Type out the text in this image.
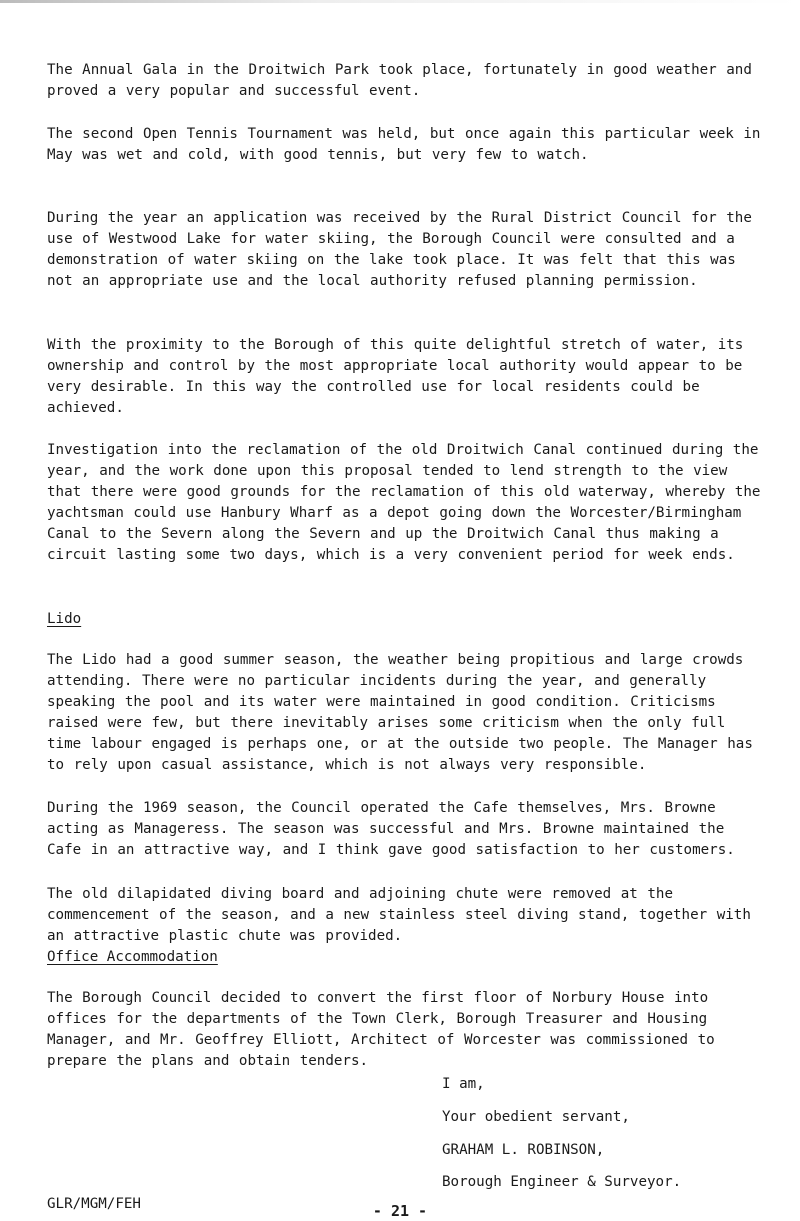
The Annual Gala in the Droitwich Park took place, fortunately in good weather and proved a very popular and successful event.

The second Open Tennis Tournament was held, but once again this particular week in May was wet and cold, with good tennis, but very few to watch.

During the year an application was received by the Rural District Council for the use of Westwood Lake for water skiing, the Borough Council were consulted and a demonstration of water skiing on the lake took place. It was felt that this was not an appropriate use and the local authority refused planning permission.

With the proximity to the Borough of this quite delightful stretch of water, its ownership and control by the most appropriate local authority would appear to be very desirable. In this way the controlled use for local residents could be achieved.

Investigation into the reclamation of the old Droitwich Canal continued during the year, and the work done upon this proposal tended to lend strength to the view that there were good grounds for the reclamation of this old waterway, whereby the yachtsman could use Hanbury Wharf as a depot going down the Worcester/Birmingham Canal to the Severn along the Severn and up the Droitwich Canal thus making a circuit lasting some two days, which is a very convenient period for week ends.

Lido

The Lido had a good summer season, the weather being propitious and large crowds attending. There were no particular incidents during the year, and generally speaking the pool and its water were maintained in good condition. Criticisms raised were few, but there inevitably arises some criticism when the only full time labour engaged is perhaps one, or at the outside two people. The Manager has to rely upon casual assistance, which is not always very responsible.

During the 1969 season, the Council operated the Cafe themselves, Mrs. Browne acting as Manageress. The season was successful and Mrs. Browne maintained the Cafe in an attractive way, and I think gave good satisfaction to her customers.

The old dilapidated diving board and adjoining chute were removed at the commencement of the season, and a new stainless steel diving stand, together with an attractive plastic chute was provided.

Office Accommodation

The Borough Council decided to convert the first floor of Norbury House into offices for the departments of the Town Clerk, Borough Treasurer and Housing Manager, and Mr. Geoffrey Elliott, Architect of Worcester was commissioned to prepare the plans and obtain tenders.

I am,
Your obedient servant,
GRAHAM L. ROBINSON,
Borough Engineer & Surveyor.
GLR/MGM/FEH	- 21 -
